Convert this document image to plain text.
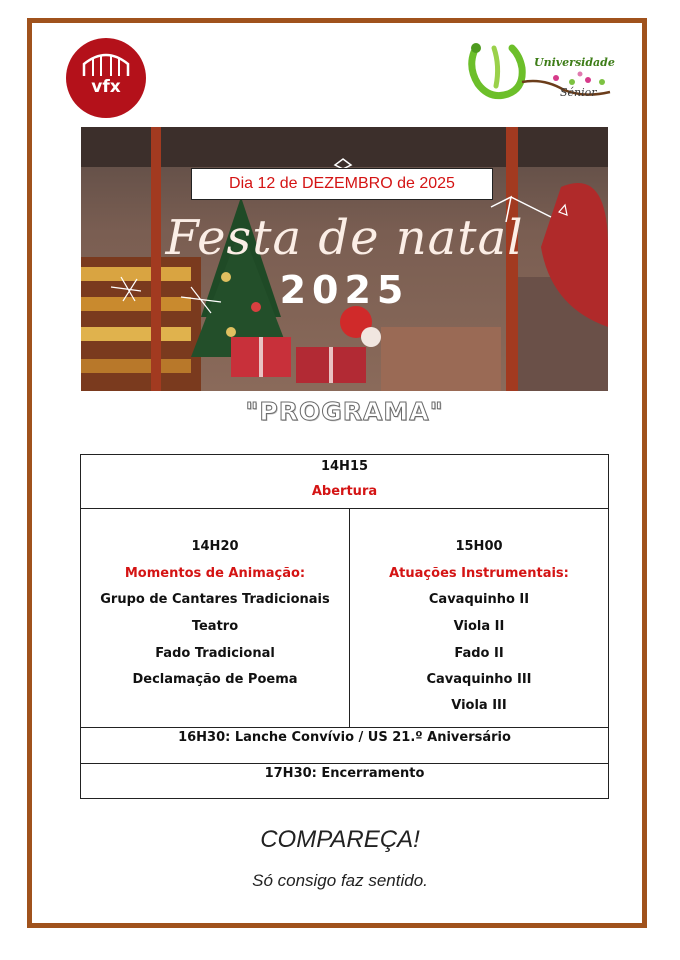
vfx
Universidade
Sénior
Dia 12 de DEZEMBRO de 2025
Festa de natal
2025
"PROGRAMA"
14H15
Abertura
14H20
Momentos de Animação:
Grupo de Cantares Tradicionais
Teatro
Fado Tradicional
Declamação de Poema
15H00
Atuações Instrumentais:
Cavaquinho II
Viola II
Fado II
Cavaquinho III
Viola III
16H30: Lanche Convívio / US 21.º Aniversário
17H30: Encerramento
COMPAREÇA!
Só consigo faz sentido.
